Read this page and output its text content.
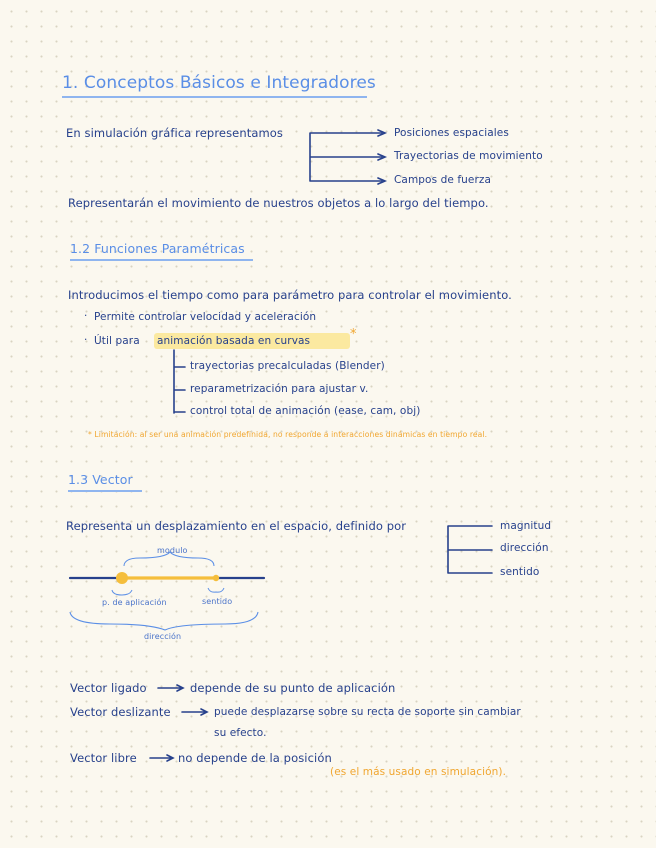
1. Conceptos Básicos e Integradores
En simulación gráfica representamos	Posiciones espaciales
Trayectorias de movimiento
Campos de fuerza
Representarán el movimiento de nuestros objetos a lo largo del tiempo.
1.2 Funciones Paramétricas
Introducimos el tiempo como para parámetro para controlar el movimiento.
· Permite controlar velocidad y aceleración
· Útil para animación basada en curvas	*
trayectorias precalculadas (Blender)
reparametrización para ajustar v.
control total de animación (ease, cam, obj)
* Limitación: al ser una animación predefinida, no responde a interacciones dinámicas en tiempo real.
1.3 Vector
Representa un desplazamiento en el espacio, definido por	magnitud
dirección
sentido
modulo
p. de aplicación	sentido
dirección
Vector ligado	depende de su punto de aplicación
Vector deslizante	puede desplazarse sobre su recta de soporte sin cambiar
su efecto.
Vector libre	no depende de la posición
(es el más usado en simulación).
